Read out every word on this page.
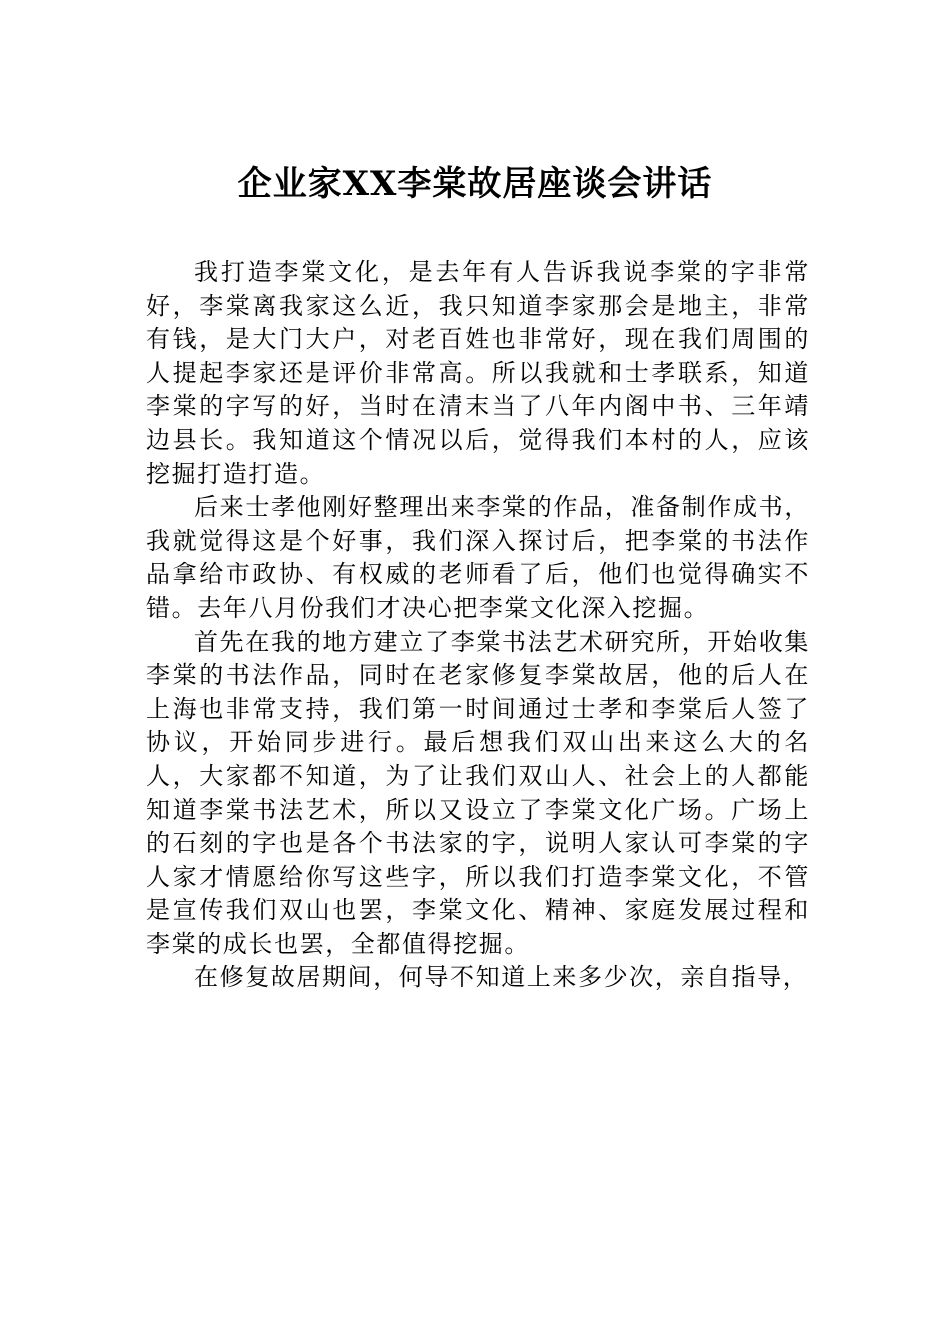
企业家XX李棠故居座谈会讲话

我打造李棠文化，是去年有人告诉我说李棠的字非常好，李棠离我家这么近，我只知道李家那会是地主，非常有钱，是大门大户，对老百姓也非常好，现在我们周围的人提起李家还是评价非常高。所以我就和士孝联系，知道李棠的字写的好，当时在清末当了八年内阁中书、三年靖边县长。我知道这个情况以后，觉得我们本村的人，应该挖掘打造打造。

后来士孝他刚好整理出来李棠的作品，准备制作成书，我就觉得这是个好事，我们深入探讨后，把李棠的书法作品拿给市政协、有权威的老师看了后，他们也觉得确实不错。去年八月份我们才决心把李棠文化深入挖掘。

首先在我的地方建立了李棠书法艺术研究所，开始收集李棠的书法作品，同时在老家修复李棠故居，他的后人在上海也非常支持，我们第一时间通过士孝和李棠后人签了协议，开始同步进行。最后想我们双山出来这么大的名人，大家都不知道，为了让我们双山人、社会上的人都能知道李棠书法艺术，所以又设立了李棠文化广场。广场上的石刻的字也是各个书法家的字，说明人家认可李棠的字人家才情愿给你写这些字，所以我们打造李棠文化，不管是宣传我们双山也罢，李棠文化、精神、家庭发展过程和李棠的成长也罢，全都值得挖掘。

在修复故居期间，何导不知道上来多少次，亲自指导，
